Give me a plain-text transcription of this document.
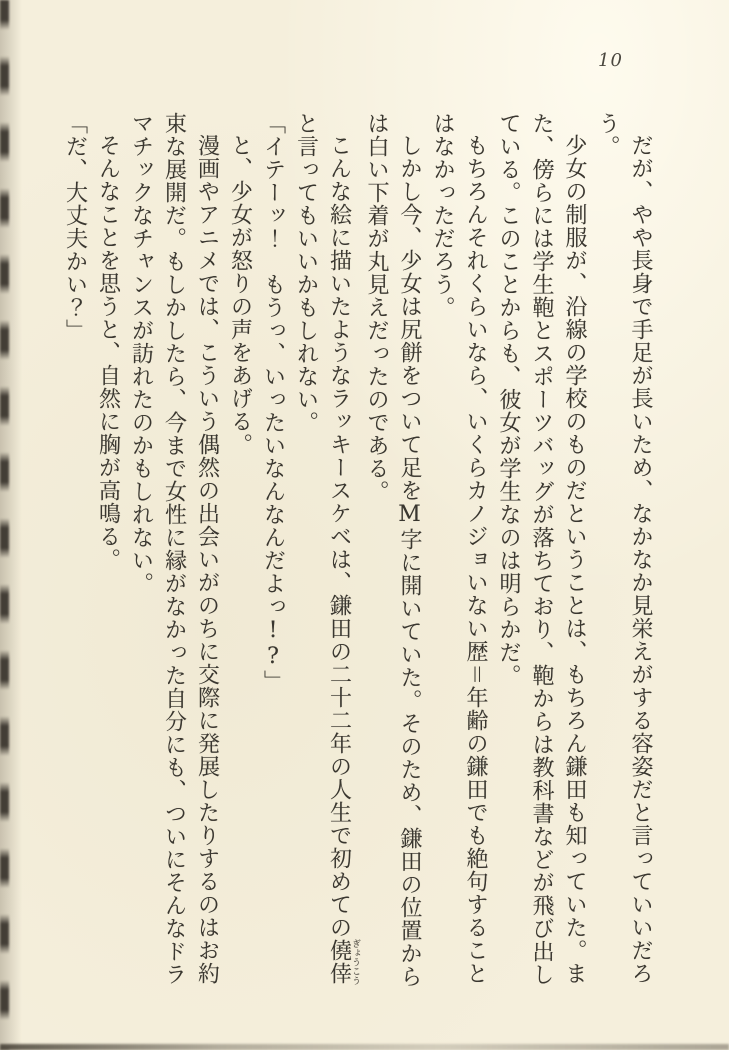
10

だが、やや長身で手足が長いため、なかなか見栄えがする容姿だと言っていいだろう。

少女の制服が、沿線の学校のものだということは、もちろん鎌田も知っていた。ま

た、傍らには学生鞄とスポーツバッグが落ちており、鞄からは教科書などが飛び出し

ている。このことからも、彼女が学生なのは明らかだ。

もちろんそれくらいなら、いくらカノジョいない歴＝年齢の鎌田でも絶句すること

はなかっただろう。

しかし今、少女は尻餅をついて足をM字に開いていた。そのため、鎌田の位置から

は白い下着が丸見えだったのである。

こんな絵に描いたようなラッキースケベは、鎌田の二十二年の人生で初めての僥倖ぎょうこう

と言ってもいいかもしれない。

「イテーッ！　もうっ、いったいなんなんだよっ!?」

と、少女が怒りの声をあげる。

漫画やアニメでは、こういう偶然の出会いがのちに交際に発展したりするのはお約

束な展開だ。もしかしたら、今まで女性に縁がなかった自分にも、ついにそんなドラ

マチックなチャンスが訪れたのかもしれない。

そんなことを思うと、自然に胸が高鳴る。

「だ、大丈夫かい？」
